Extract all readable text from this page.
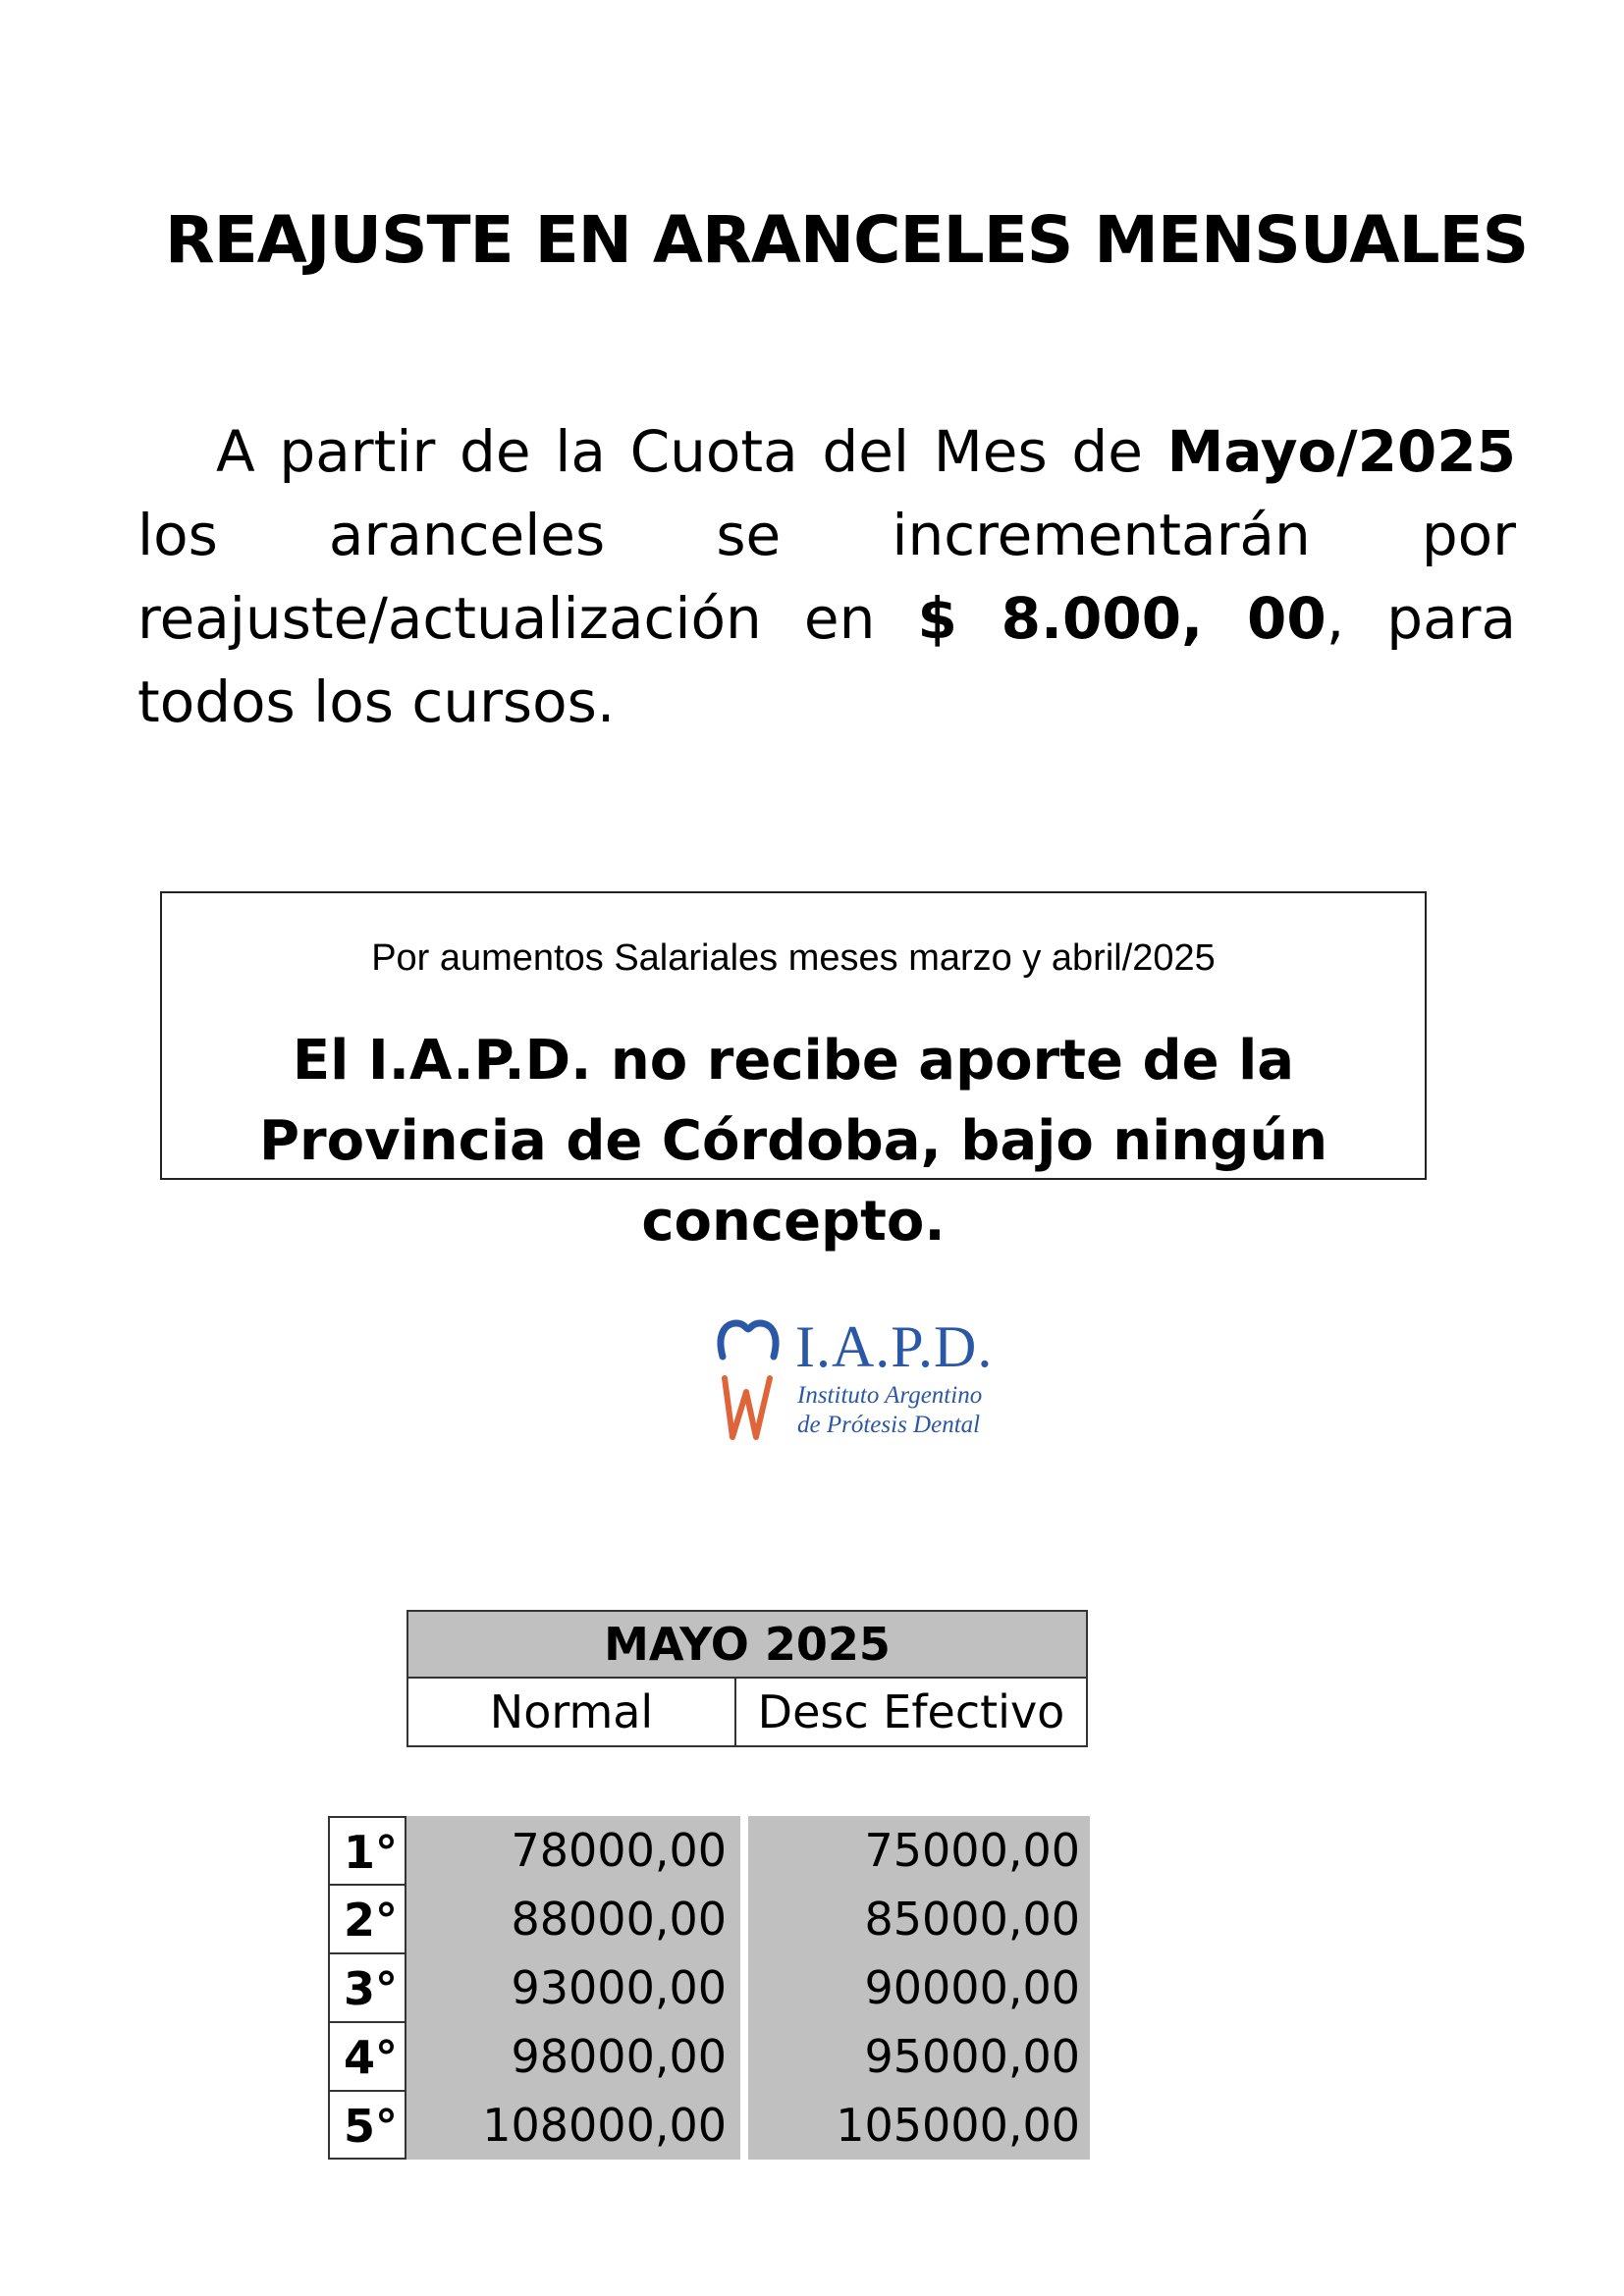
REAJUSTE EN ARANCELES MENSUALES
A partir de la Cuota del Mes de Mayo/2025 los aranceles se incrementarán por reajuste/actualización en $ 8.000, 00, para todos los cursos.
Por aumentos Salariales meses marzo y abril/2025
El I.A.P.D. no recibe aporte de la Provincia de Córdoba, bajo ningún concepto.
I.A.P.D.
Instituto Argentino
de Prótesis Dental
MAYO 2025
Normal	Desc Efectivo
1°	78000,00	75000,00
2°	88000,00	85000,00
3°	93000,00	90000,00
4°	98000,00	95000,00
5°	108000,00	105000,00
